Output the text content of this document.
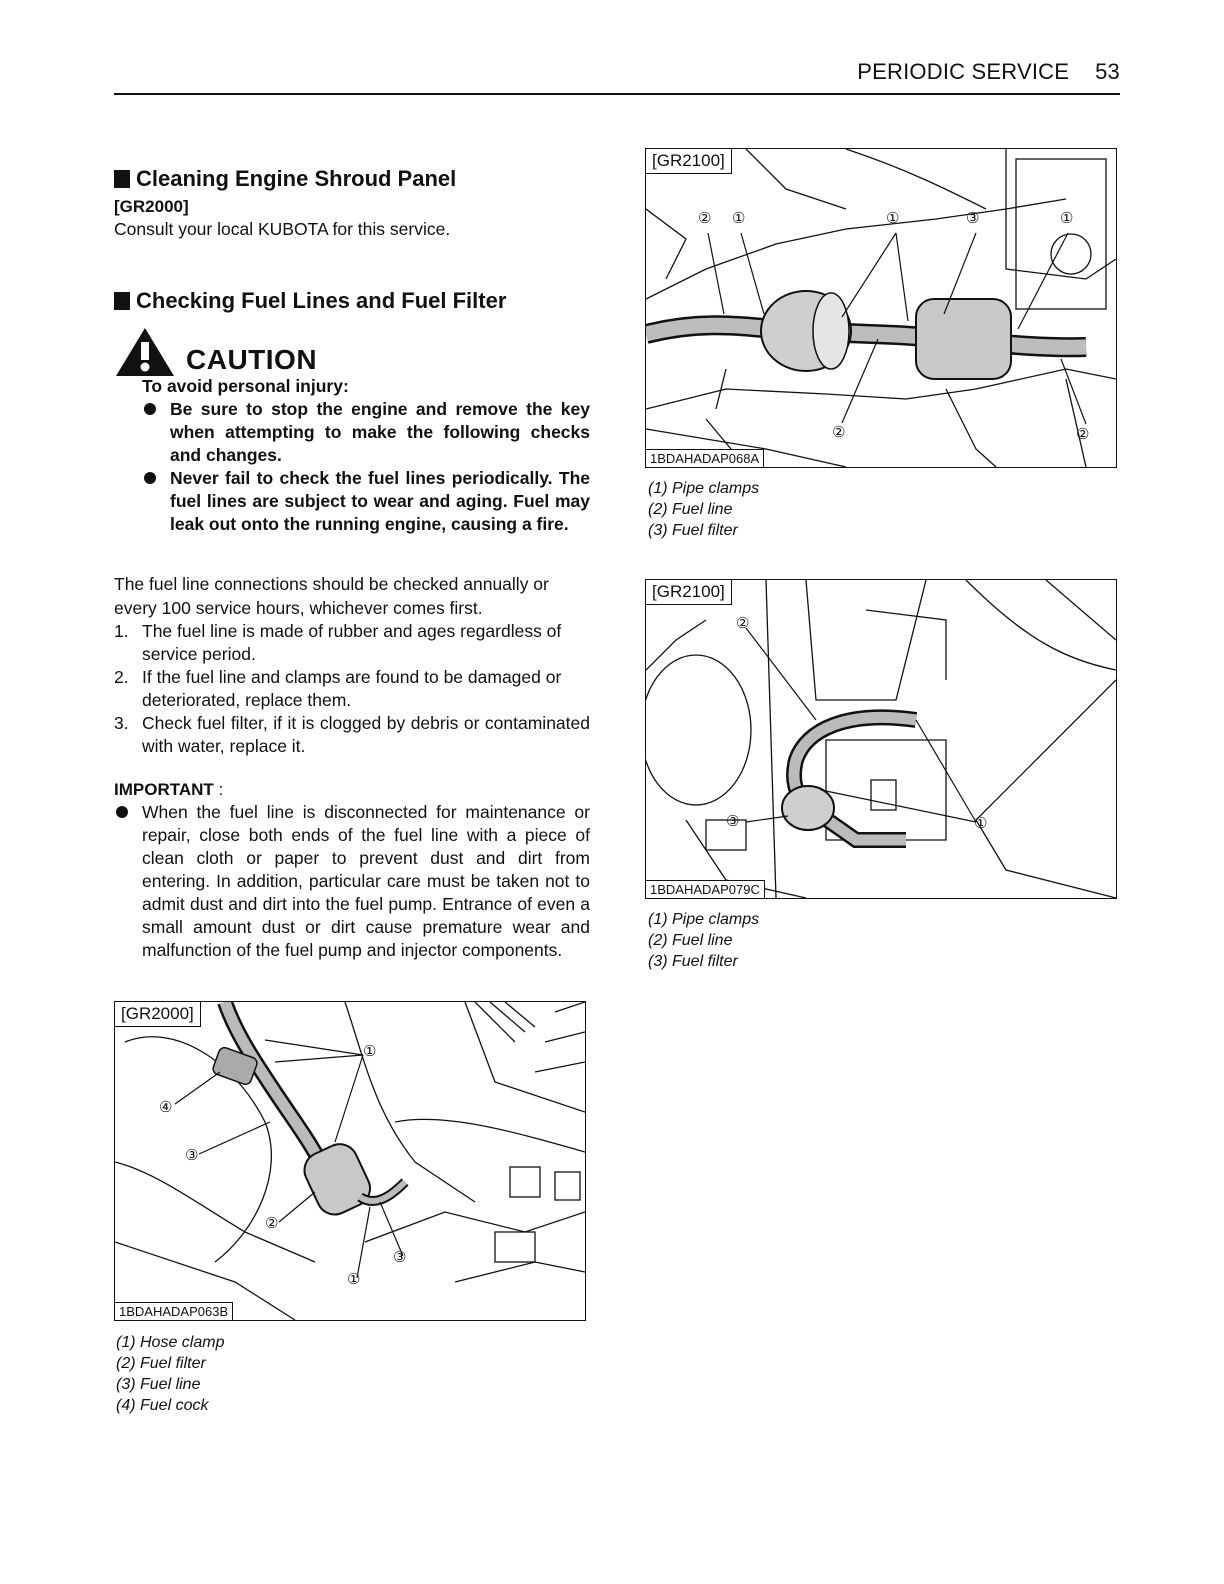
PERIODIC SERVICE 53
Cleaning Engine Shroud Panel
[GR2000]
Consult your local KUBOTA for this service.
Checking Fuel Lines and Fuel Filter
CAUTION
To avoid personal injury:
Be sure to stop the engine and remove the key when attempting to make the following checks and changes.
Never fail to check the fuel lines periodically. The fuel lines are subject to wear and aging. Fuel may leak out onto the running engine, causing a fire.
The fuel line connections should be checked annually or every 100 service hours, whichever comes first.
1. The fuel line is made of rubber and ages regardless of service period.
2. If the fuel line and clamps are found to be damaged or deteriorated, replace them.
3. Check fuel filter, if it is clogged by debris or contaminated with water, replace it.
IMPORTANT :
When the fuel line is disconnected for maintenance or repair, close both ends of the fuel line with a piece of clean cloth or paper to prevent dust and dirt from entering. In addition, particular care must be taken not to admit dust and dirt into the fuel pump. Entrance of even a small amount dust or dirt cause premature wear and malfunction of the fuel pump and injector components.
[GR2000]
1BDAHADAP063B
①
④
③
②
①
③
(1) Hose clamp
(2) Fuel filter
(3) Fuel line
(4) Fuel cock
[GR2100]
1BDAHADAP068A
② ①	①	③	①
②	②
(1) Pipe clamps
(2) Fuel line
(3) Fuel filter
[GR2100]
1BDAHADAP079C
②
③	①
(1) Pipe clamps
(2) Fuel line
(3) Fuel filter
